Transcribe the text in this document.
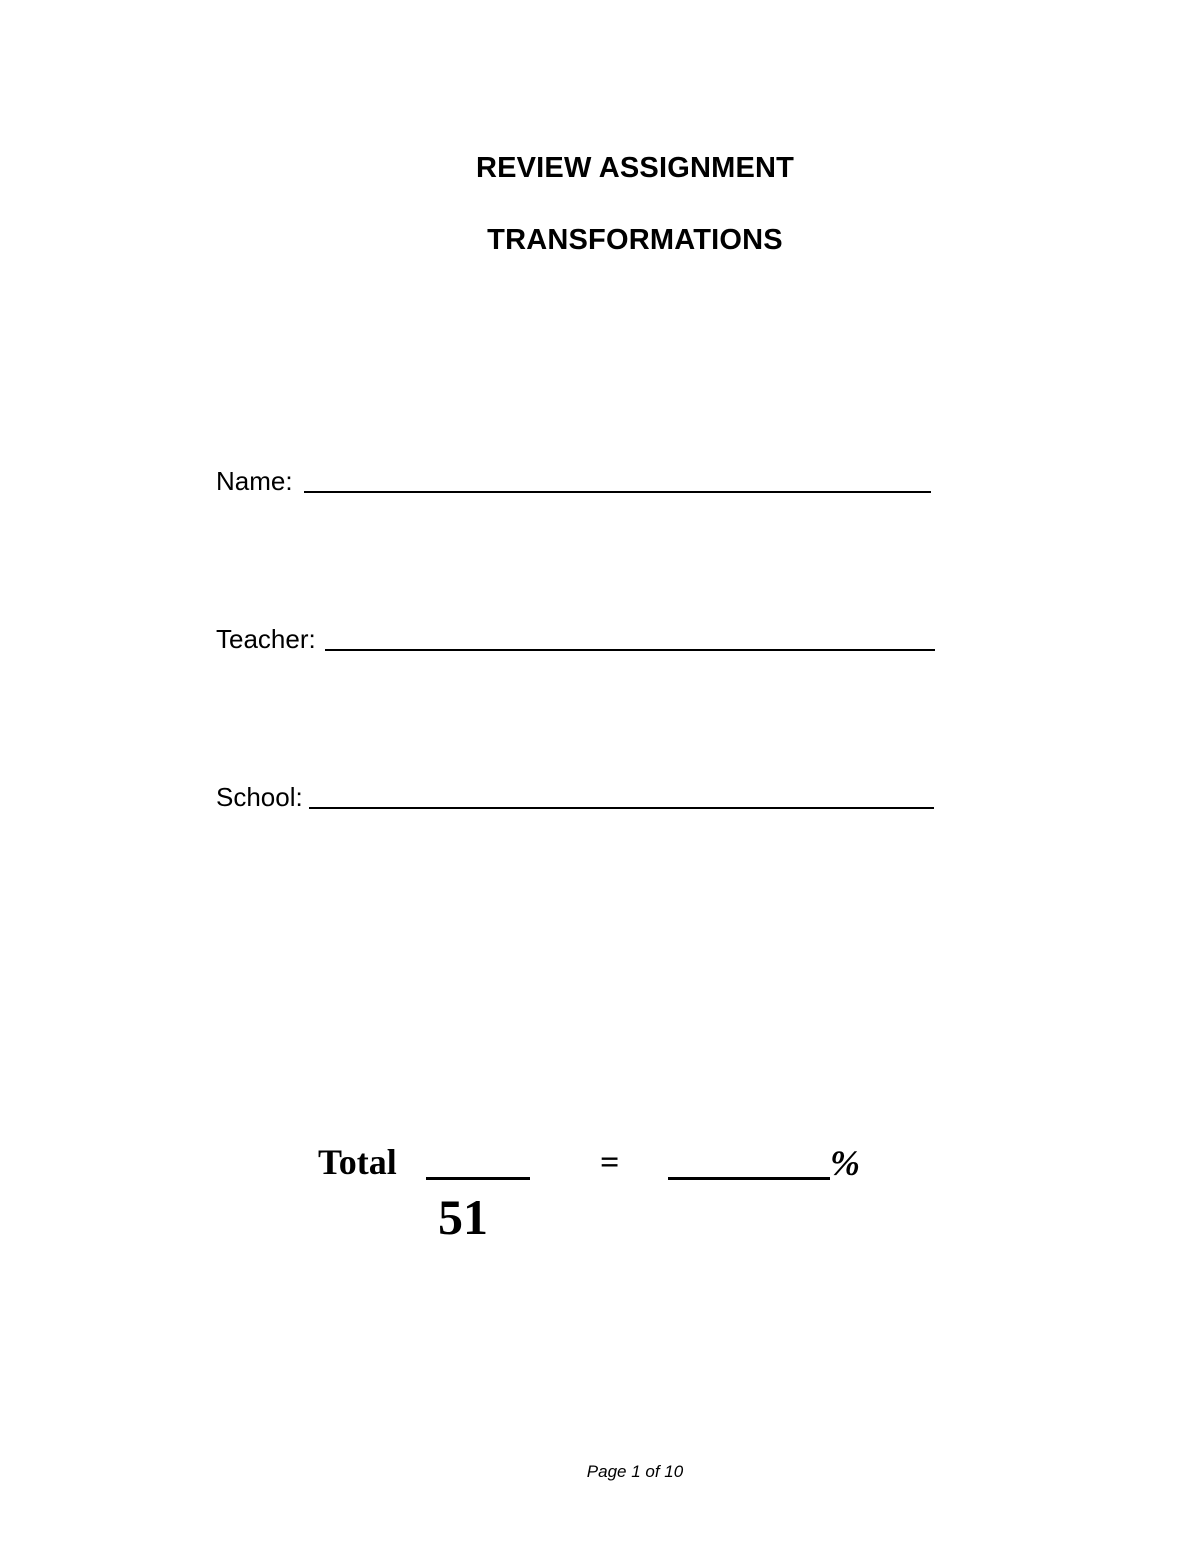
REVIEW ASSIGNMENT
TRANSFORMATIONS
Name:
Teacher:
School:
Total	=	%
51
Page 1 of 10
